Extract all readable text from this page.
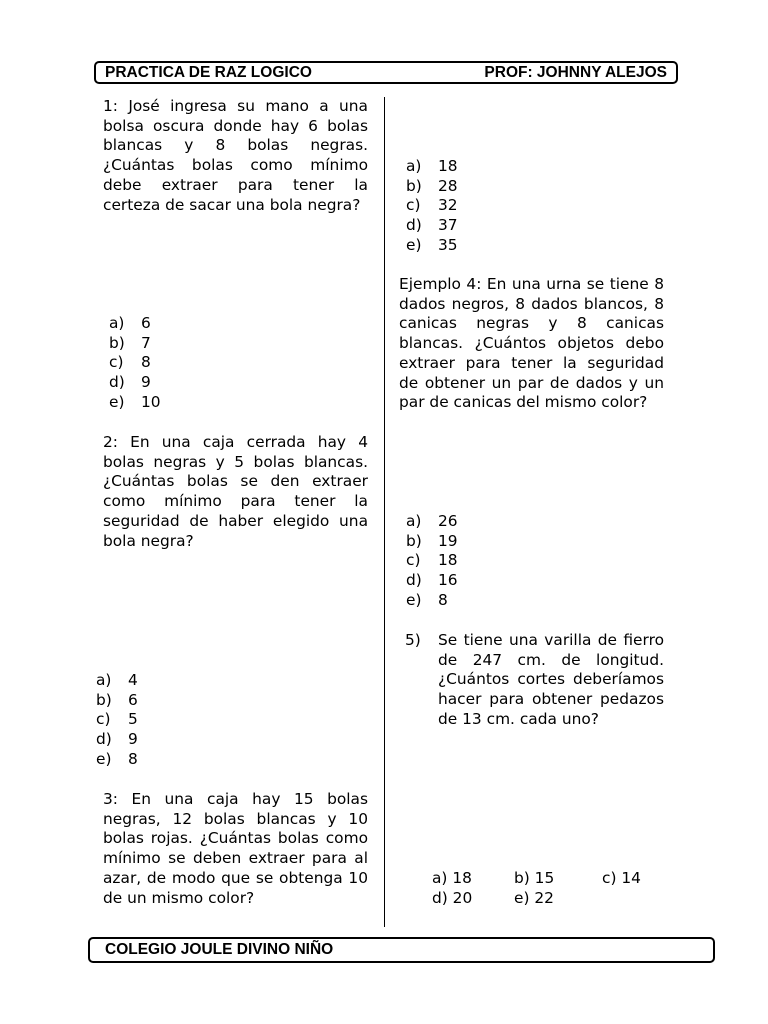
PRACTICA DE RAZ LOGICO	PROF: JOHNNY ALEJOS

1: José ingresa su mano a una bolsa oscura donde hay 6 bolas blancas y 8 bolas negras. ¿Cuántas bolas como mínimo debe extraer para tener la certeza de sacar una bola negra?

a) 6
b) 7
c) 8
d) 9
e) 10

2: En una caja cerrada hay 4 bolas negras y 5 bolas blancas. ¿Cuántas bolas se den extraer como mínimo para tener la seguridad de haber elegido una bola negra?

a) 4
b) 6
c) 5
d) 9
e) 8

3: En una caja hay 15 bolas negras, 12 bolas blancas y 10 bolas rojas. ¿Cuántas bolas como mínimo se deben extraer para al azar, de modo que se obtenga 10 de un mismo color?

a) 18
b) 28
c) 32
d) 37
e) 35

Ejemplo 4: En una urna se tiene 8 dados negros, 8 dados blancos, 8 canicas negras y 8 canicas blancas. ¿Cuántos objetos debo extraer para tener la seguridad de obtener un par de dados y un par de canicas del mismo color?

a) 26
b) 19
c) 18
d) 16
e) 8
5) Se tiene una varilla de fierro de 247 cm. de longitud. ¿Cuántos cortes deberíamos hacer para obtener pedazos de 13 cm. cada uno?
a) 18	b) 15	c) 14
d) 20	e) 22
COLEGIO JOULE DIVINO NIÑO
